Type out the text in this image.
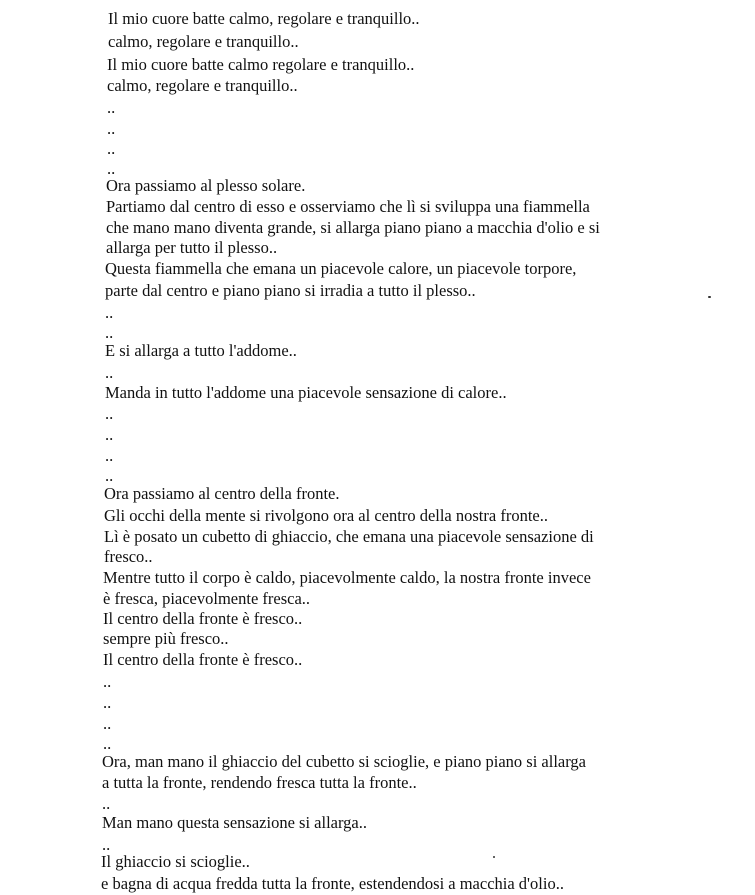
Il mio cuore batte calmo, regolare e tranquillo..
calmo, regolare e tranquillo..
Il mio cuore batte calmo regolare e tranquillo..
calmo, regolare e tranquillo..
..
..
..
..
Ora passiamo al plesso solare.
Partiamo dal centro di esso e osserviamo che lì si sviluppa una fiammella
che mano mano diventa grande, si allarga piano piano a macchia d'olio e si
allarga per tutto il plesso..
Questa fiammella che emana un piacevole calore, un piacevole torpore,
parte dal centro e piano piano si irradia a tutto il plesso..
..
..
E si allarga a tutto l'addome..
..
Manda in tutto l'addome una piacevole sensazione di calore..
..
..
..
..
Ora passiamo al centro della fronte.
Gli occhi della mente si rivolgono ora al centro della nostra fronte..
Lì è posato un cubetto di ghiaccio, che emana una piacevole sensazione di
fresco..
Mentre tutto il corpo è caldo, piacevolmente caldo, la nostra fronte invece
è fresca, piacevolmente fresca..
Il centro della fronte è fresco..
sempre più fresco..
Il centro della fronte è fresco..
..
..
..
..
Ora, man mano il ghiaccio del cubetto si scioglie, e piano piano si allarga
a tutta la fronte, rendendo fresca tutta la fronte..
..
Man mano questa sensazione si allarga..
..
Il ghiaccio si scioglie..
e bagna di acqua fredda tutta la fronte, estendendosi a macchia d'olio..
